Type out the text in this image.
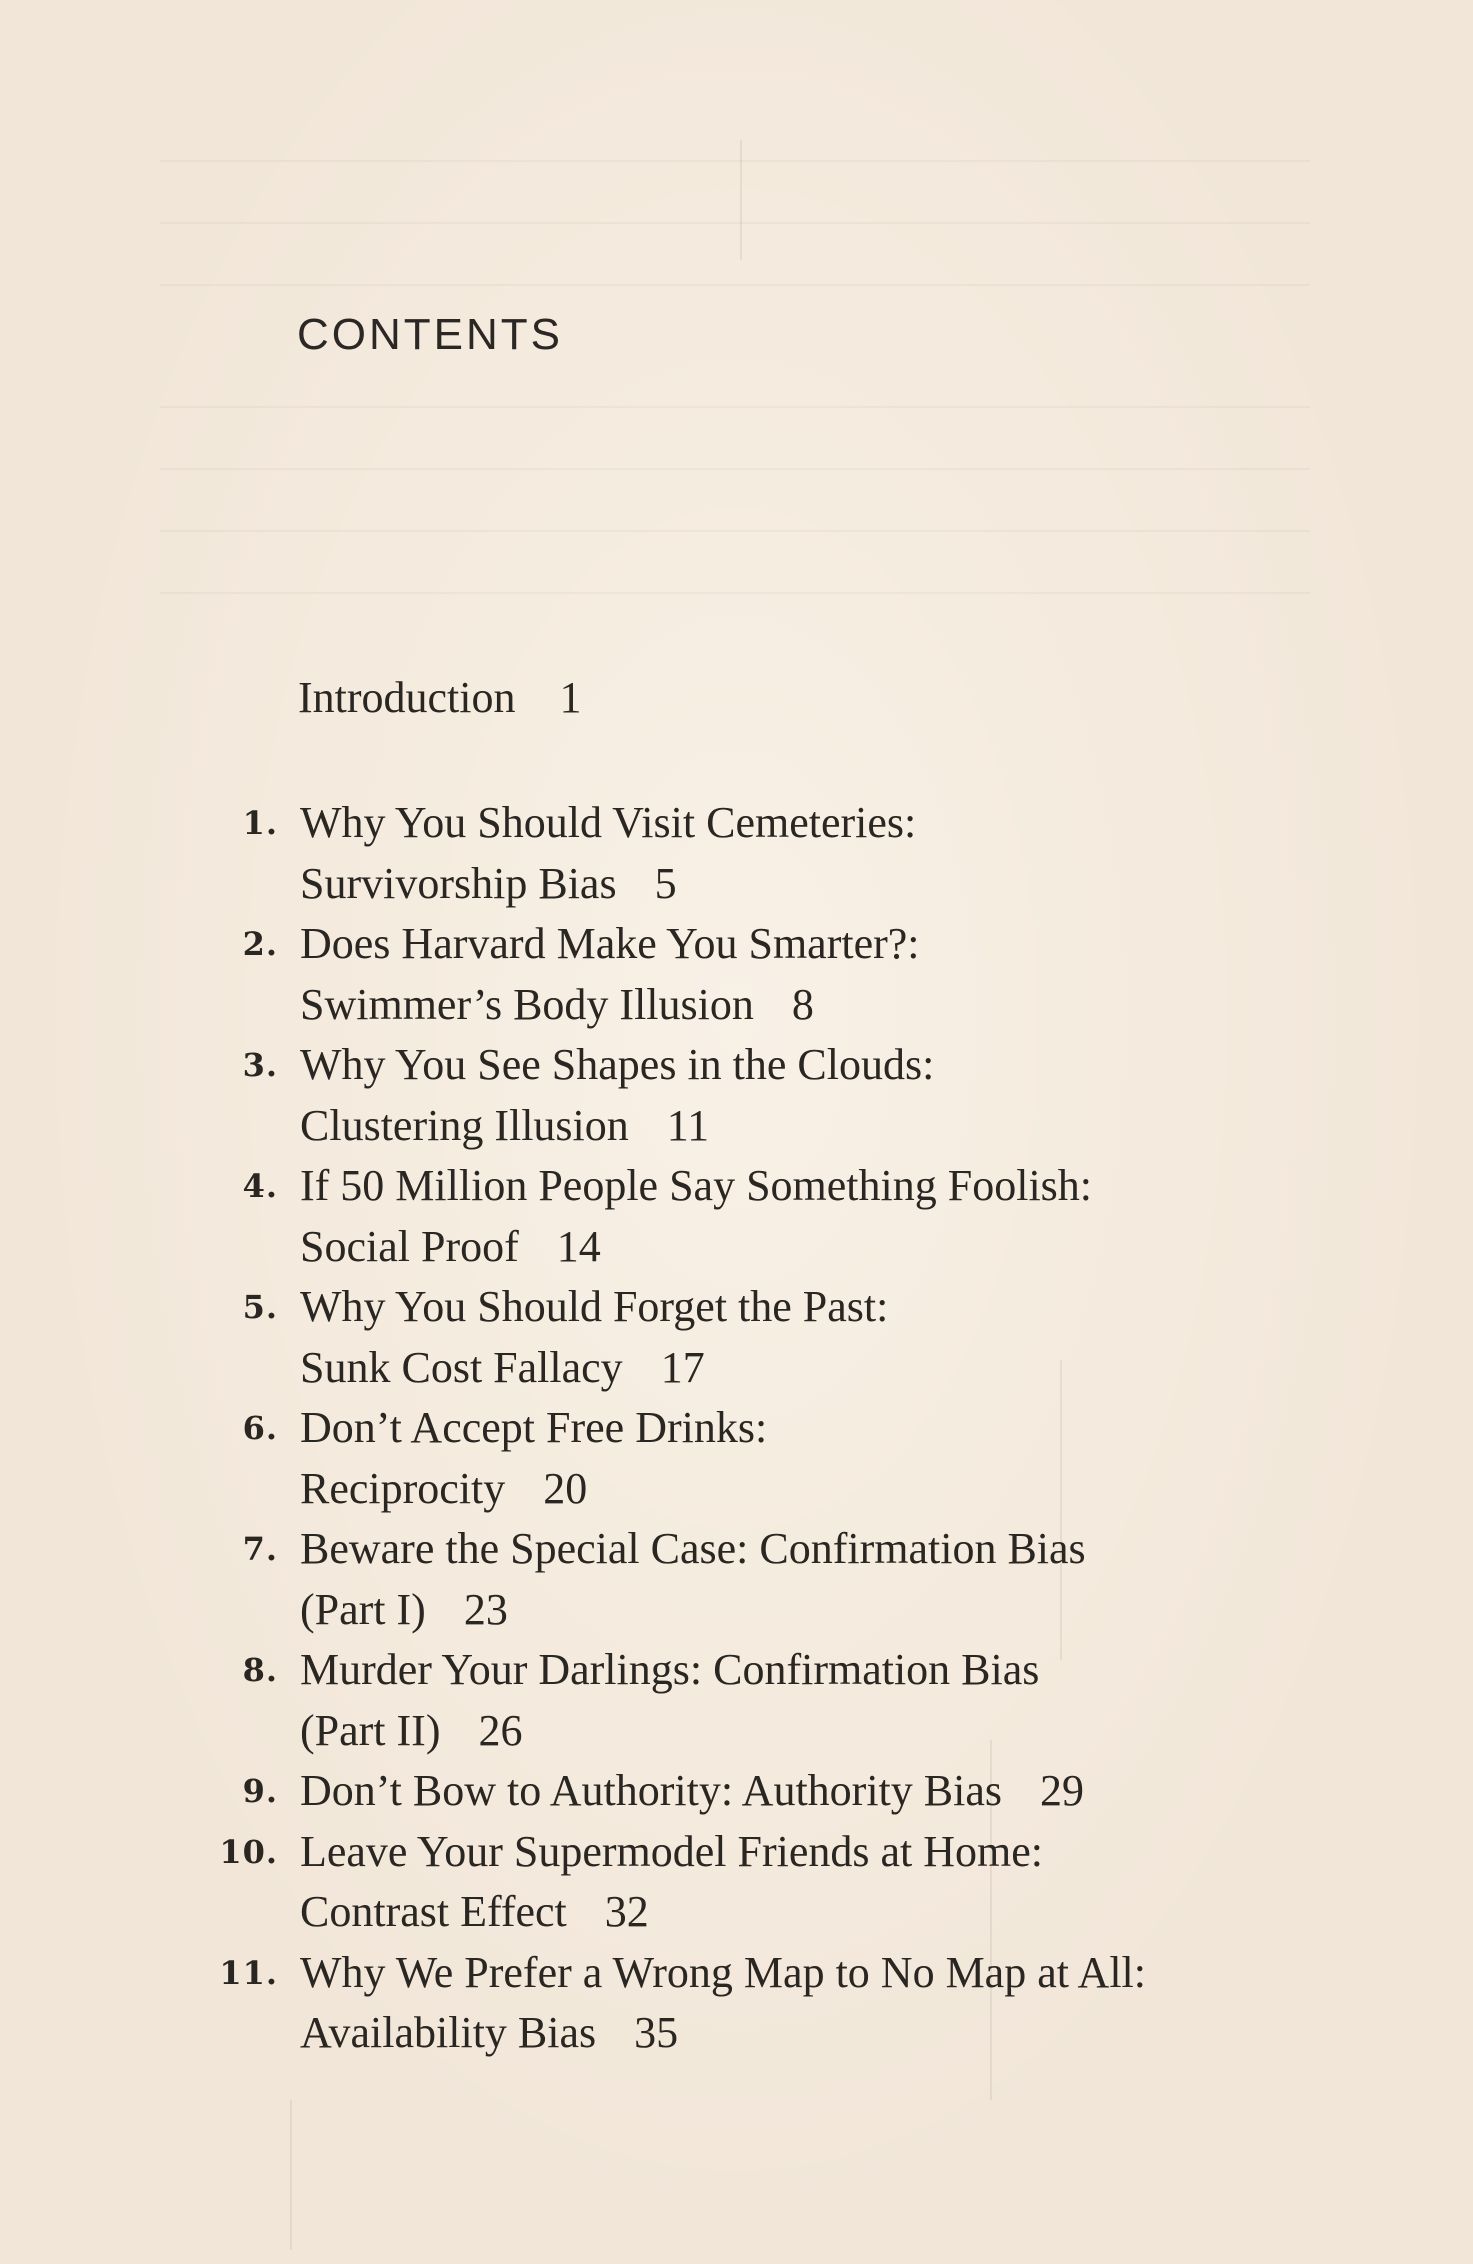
CONTENTS
Introduction 1
1. Why You Should Visit Cemeteries:
Survivorship Bias 5
2. Does Harvard Make You Smarter?:
Swimmer’s Body Illusion 8
3. Why You See Shapes in the Clouds:
Clustering Illusion 11
4. If 50 Million People Say Something Foolish:
Social Proof 14
5. Why You Should Forget the Past:
Sunk Cost Fallacy 17
6. Don’t Accept Free Drinks:
Reciprocity 20
7. Beware the Special Case: Confirmation Bias
(Part I) 23
8. Murder Your Darlings: Confirmation Bias
(Part II) 26
9. Don’t Bow to Authority: Authority Bias 29
10. Leave Your Supermodel Friends at Home:
Contrast Effect 32
11. Why We Prefer a Wrong Map to No Map at All:
Availability Bias 35
